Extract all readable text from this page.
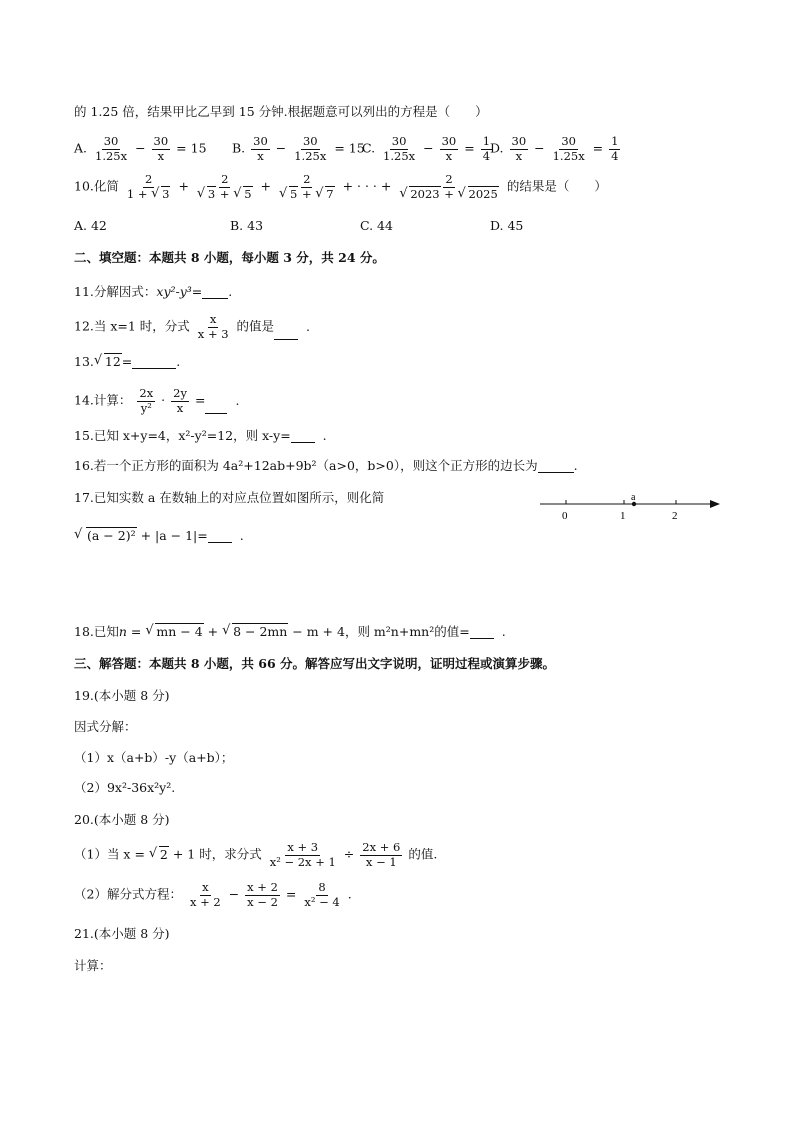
的 1.25 倍，结果甲比乙早到 15 分钟.根据题意可以列出的方程是（　　）
A. $\frac{30}{1.25x} - \frac{30}{x} = 15$ B. $\frac{30}{x} - \frac{30}{1.25x} = 15$ C. $\frac{30}{1.25x} - \frac{30}{x} = \frac{1}{4}$
D. $\frac{30}{x} - \frac{30}{1.25x} = \frac{1}{4}$
10.化简 $\frac{2}{1 + √ 3} + 2$
√ 3 + √ 5 + 2
√ 5 + √ 7 + · · · + 2
√ 2023 + √ 2025 的结果是（　　）
A. 42	B. 43	C. 44	D. 45
二、填空题：本题共 8 小题，每小题 3 分，共 24 分。
11.分解因式：xy²-y³= .
12.当 x=1 时，分式 $\frac{x}{x + 3}$ 的值是	.
13.√ 12=	.
14.计算： $\frac{2x}{\text{y²}} \cdot \frac{2y}{x}$ = .
15.已知 x+y=4，x²-y²=12，则 x-y=	.
16.若一个正方形的面积为 4a²+12ab+9b²（a>0，b>0），则这个正方形的边长为	.
17.已知实数 a 在数轴上的对应点位置如图所示，则化简
√ (a − 2)² + |a − 1|=	.
a
0	1	2
18.已知n = √ mn − 4 + √ 8 − 2mn − m + 4，则 m²n+mn²的值=	.
三、解答题：本题共 8 小题，共 66 分。解答应写出文字说明，证明过程或演算步骤。
19.(本小题 8 分)
因式分解：
（1）x（a+b）-y（a+b）；
（2）9x²-36x²y².
20.(本小题 8 分)
（1）当 x = √ 2 + 1 时，求分式 $\frac{x + 3}{\text{x² − 2x + 1}} \div \frac{2x + 6}{x - 1}$ 的值.
（2）解分式方程： $\frac{x}{x + 2} - \frac{x + 2}{x - 2} = \frac{8}{\text{x² − 4}}$ .
21.(本小题 8 分)
计算：
